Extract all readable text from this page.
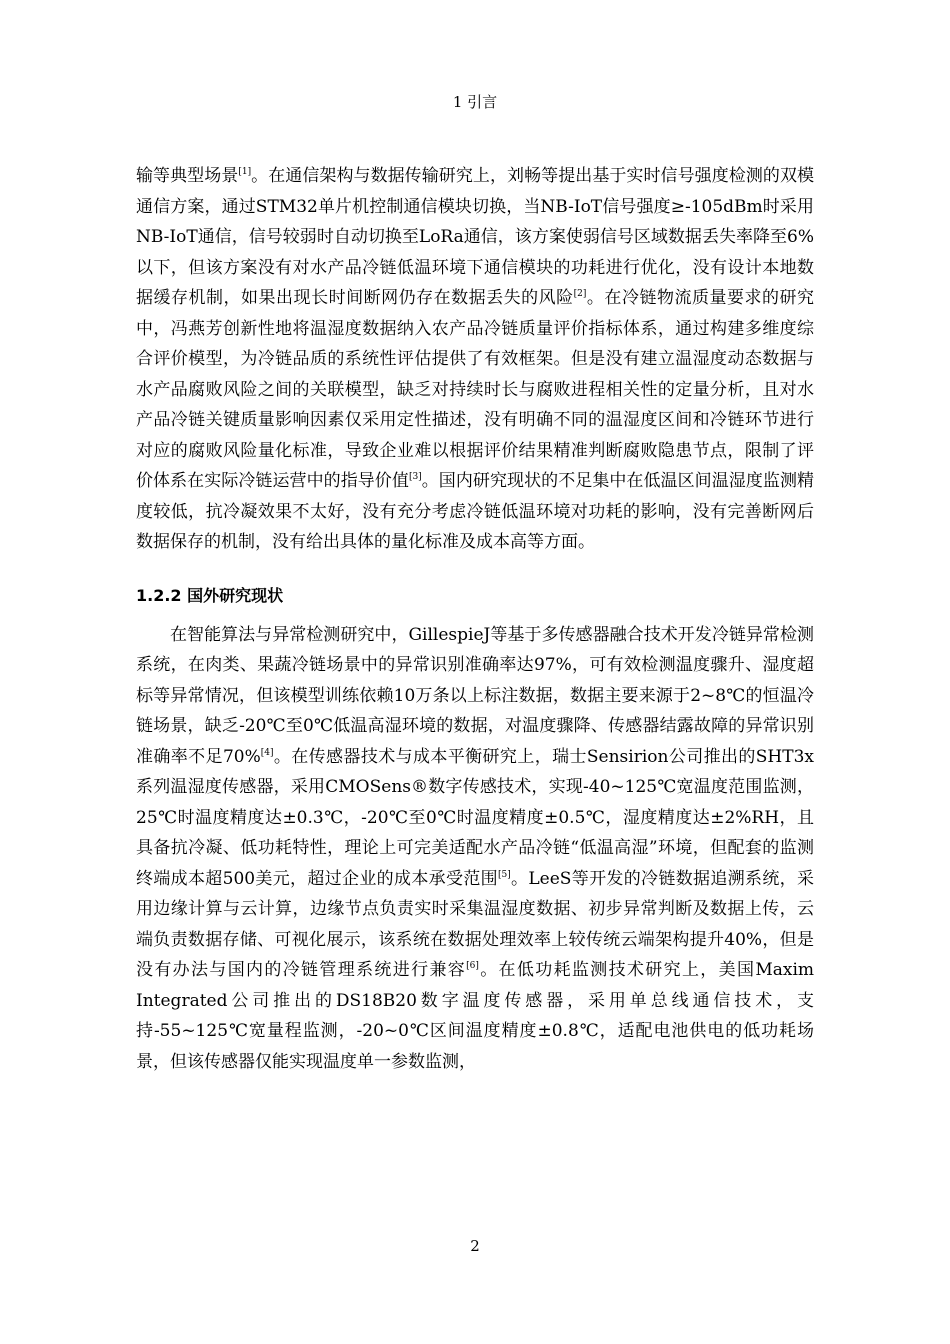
1 引言

输等典型场景[1]。在通信架构与数据传输研究上，刘畅等提出基于实时信号强度检测的双模通信方案，通过STM32单片机控制通信模块切换，当NB-IoT信号强度≥-105dBm时采用NB-IoT通信，信号较弱时自动切换至LoRa通信，该方案使弱信号区域数据丢失率降至6%以下，但该方案没有对水产品冷链低温环境下通信模块的功耗进行优化，没有设计本地数据缓存机制，如果出现长时间断网仍存在数据丢失的风险[2]。在冷链物流质量要求的研究中，冯燕芳创新性地将温湿度数据纳入农产品冷链质量评价指标体系，通过构建多维度综合评价模型，为冷链品质的系统性评估提供了有效框架。但是没有建立温湿度动态数据与水产品腐败风险之间的关联模型，缺乏对持续时长与腐败进程相关性的定量分析，且对水产品冷链关键质量影响因素仅采用定性描述，没有明确不同的温湿度区间和冷链环节进行对应的腐败风险量化标准，导致企业难以根据评价结果精准判断腐败隐患节点，限制了评价体系在实际冷链运营中的指导价值[3]。国内研究现状的不足集中在低温区间温湿度监测精度较低，抗冷凝效果不太好，没有充分考虑冷链低温环境对功耗的影响，没有完善断网后数据保存的机制，没有给出具体的量化标准及成本高等方面。

1.2.2 国外研究现状

在智能算法与异常检测研究中，GillespieJ等基于多传感器融合技术开发冷链异常检测系统，在肉类、果蔬冷链场景中的异常识别准确率达97%，可有效检测温度骤升、湿度超标等异常情况，但该模型训练依赖10万条以上标注数据，数据主要来源于2~8℃的恒温冷链场景，缺乏-20℃至0℃低温高湿环境的数据，对温度骤降、传感器结露故障的异常识别准确率不足70%[4]。在传感器技术与成本平衡研究上，瑞士Sensirion公司推出的SHT3x系列温湿度传感器，采用CMOSens®数字传感技术，实现-40~125℃宽温度范围监测，25℃时温度精度达±0.3℃，-20℃至0℃时温度精度±0.5℃，湿度精度达±2%RH，且具备抗冷凝、低功耗特性，理论上可完美适配水产品冷链“低温高湿”环境，但配套的监测终端成本超500美元，超过企业的成本承受范围[5]。LeeS等开发的冷链数据追溯系统，采用边缘计算与云计算，边缘节点负责实时采集温湿度数据、初步异常判断及数据上传，云端负责数据存储、可视化展示，该系统在数据处理效率上较传统云端架构提升40%，但是没有办法与国内的冷链管理系统进行兼容[6]。在低功耗监测技术研究上，美国Maxim Integrated公司推出的DS18B20数字温度传感器，采用单总线通信技术，支持-55~125℃宽量程监测，-20~0℃区间温度精度±0.8℃，适配电池供电的低功耗场景，但该传感器仅能实现温度单一参数监测，

2
